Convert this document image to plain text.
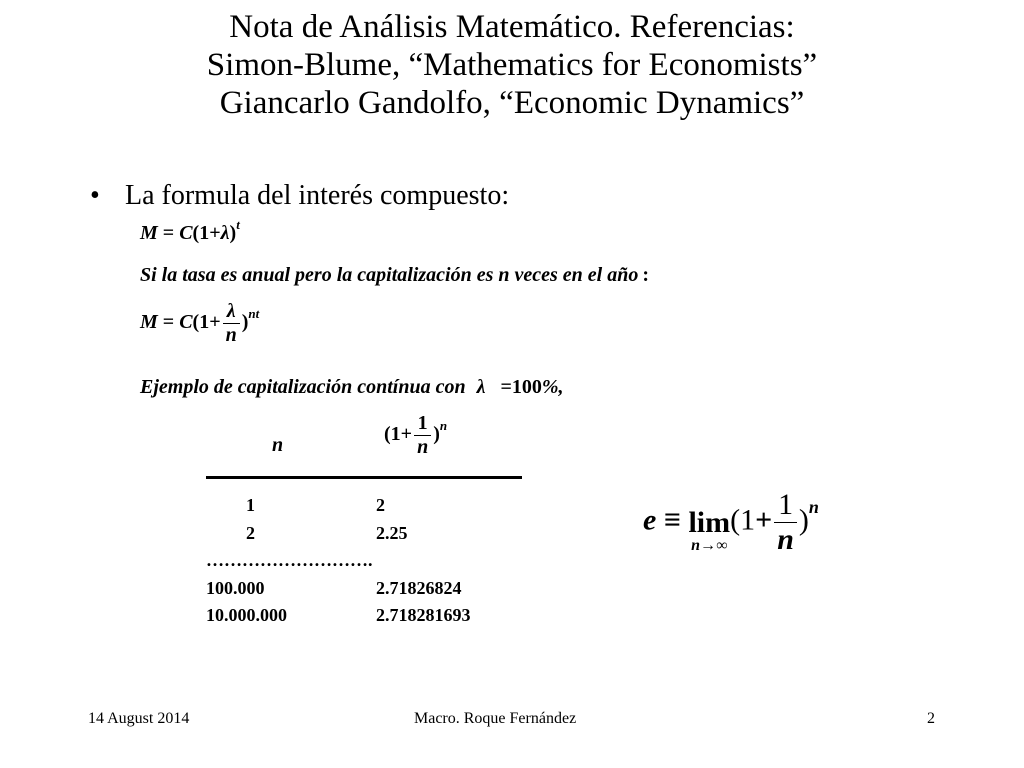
Nota de Análisis Matemático. Referencias:
Simon-Blume, “Mathematics for Economists”
Giancarlo Gandolfo, “Economic Dynamics”
• La formula del interés compuesto:
$M = C(1+\lambda)^t$
Si la tasa es anual pero la capitalización es n veces en el año :
$M = C(1+ \frac{\lambda}{n} )^{nt}$
Ejemplo de capitalización contínua con λ =100%,
n	$(1+ \frac{1}{n} )^n$
1	2
2	2.25
……………………….
100.000	2.71826824
10.000.000	2.718281693
e ≡ lim
n→∞
$(1+ \frac{1}{n} )^n$
14 August 2014	Macro. Roque Fernández	2
